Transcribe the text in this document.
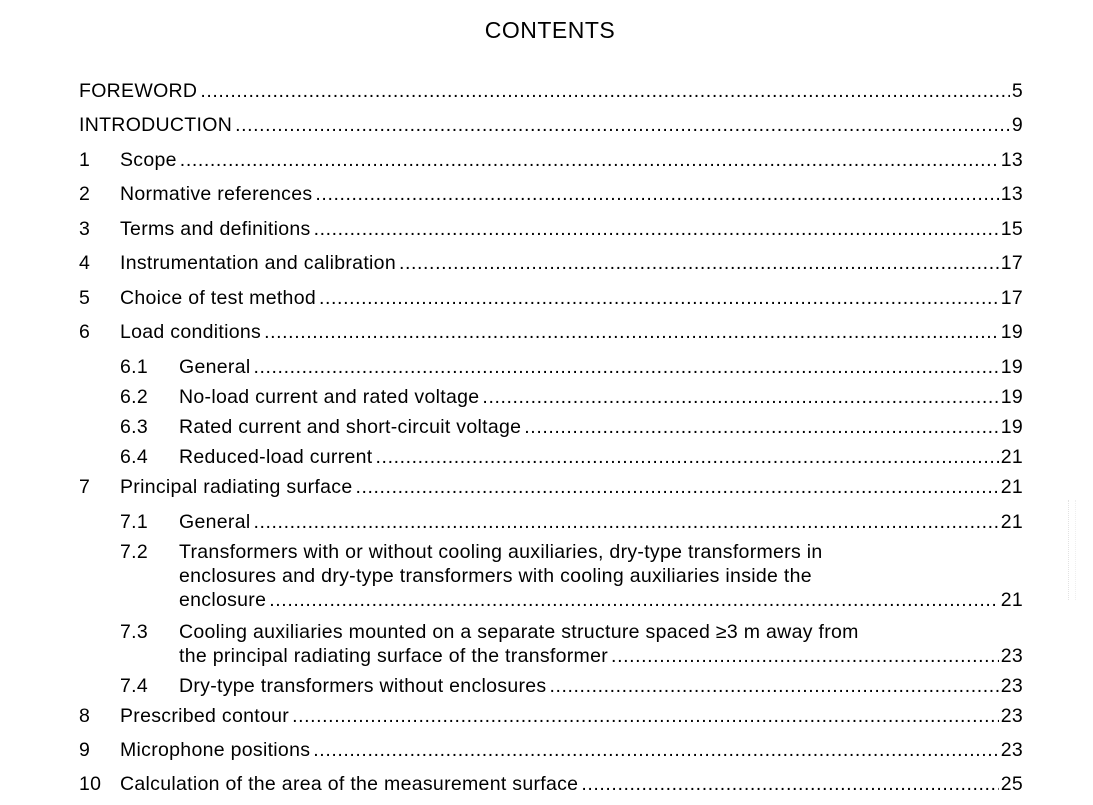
CONTENTS
FOREWORD .....	5
INTRODUCTION .....	9
1 Scope .....	13
2 Normative references .....	13
3 Terms and definitions .....	15
4 Instrumentation and calibration .....	17
5 Choice of test method .....	17
6 Load conditions .....	19
6.1 General .....	19
6.2 No-load current and rated voltage .....	19
6.3 Rated current and short-circuit voltage .....	19
6.4 Reduced-load current .....	21
7 Principal radiating surface .....	21
7.1 General .....	21
7.2 Transformers with or without cooling auxiliaries, dry-type transformers in
enclosures and dry-type transformers with cooling auxiliaries inside the
enclosure .....	21
7.3 Cooling auxiliaries mounted on a separate structure spaced ≥3 m away from
the principal radiating surface of the transformer .....	23
7.4 Dry-type transformers without enclosures .....	23
8 Prescribed contour .....	23
9 Microphone positions .....	23
10 Calculation of the area of the measurement surface .....	25
